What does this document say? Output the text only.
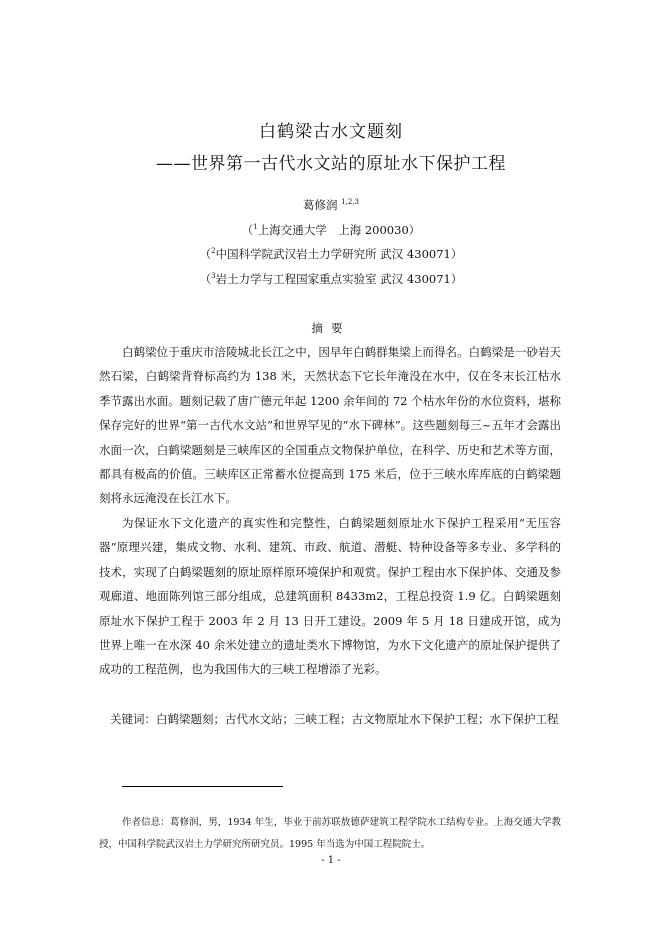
白鹤梁古水文题刻
——世界第一古代水文站的原址水下保护工程
葛修润 $^{1,2,3}$
（$^1$上海交通大学　上海 200030）
（$^2$中国科学院武汉岩土力学研究所 武汉 430071）
（$^3$岩土力学与工程国家重点实验室 武汉 430071）
摘要

白鹤梁位于重庆市涪陵城北长江之中，因早年白鹤群集梁上而得名。白鹤梁是一砂岩天然石梁，白鹤梁背脊标高约为 138 米，天然状态下它长年淹没在水中，仅在冬末长江枯水季节露出水面。题刻记载了唐广德元年起 1200 余年间的 72 个枯水年份的水位资料，堪称保存完好的世界“第一古代水文站”和世界罕见的“水下碑林”。这些题刻每三~五年才会露出水面一次，白鹤梁题刻是三峡库区的全国重点文物保护单位，在科学、历史和艺术等方面，都具有极高的价值。三峡库区正常蓄水位提高到 175 米后，位于三峡水库库底的白鹤梁题刻将永远淹没在长江水下。

为保证水下文化遗产的真实性和完整性，白鹤梁题刻原址水下保护工程采用“无压容器”原理兴建，集成文物、水利、建筑、市政、航道、潜艇、特种设备等多专业、多学科的技术，实现了白鹤梁题刻的原址原样原环境保护和观赏。保护工程由水下保护体、交通及参观廊道、地面陈列馆三部分组成，总建筑面积 8433m2，工程总投资 1.9 亿。白鹤梁题刻原址水下保护工程于 2003 年 2 月 13 日开工建设。2009 年 5 月 18 日建成开馆，成为世界上唯一在水深 40 余米处建立的遗址类水下博物馆，为水下文化遗产的原址保护提供了成功的工程范例，也为我国伟大的三峡工程增添了光彩。

关键词：白鹤梁题刻；古代水文站；三峡工程；古文物原址水下保护工程；水下保护工程

作者信息：葛修润，男，1934 年生，毕业于前苏联敖德萨建筑工程学院水工结构专业。上海交通大学教授，中国科学院武汉岩土力学研究所研究员。1995 年当选为中国工程院院士。

- 1 -
